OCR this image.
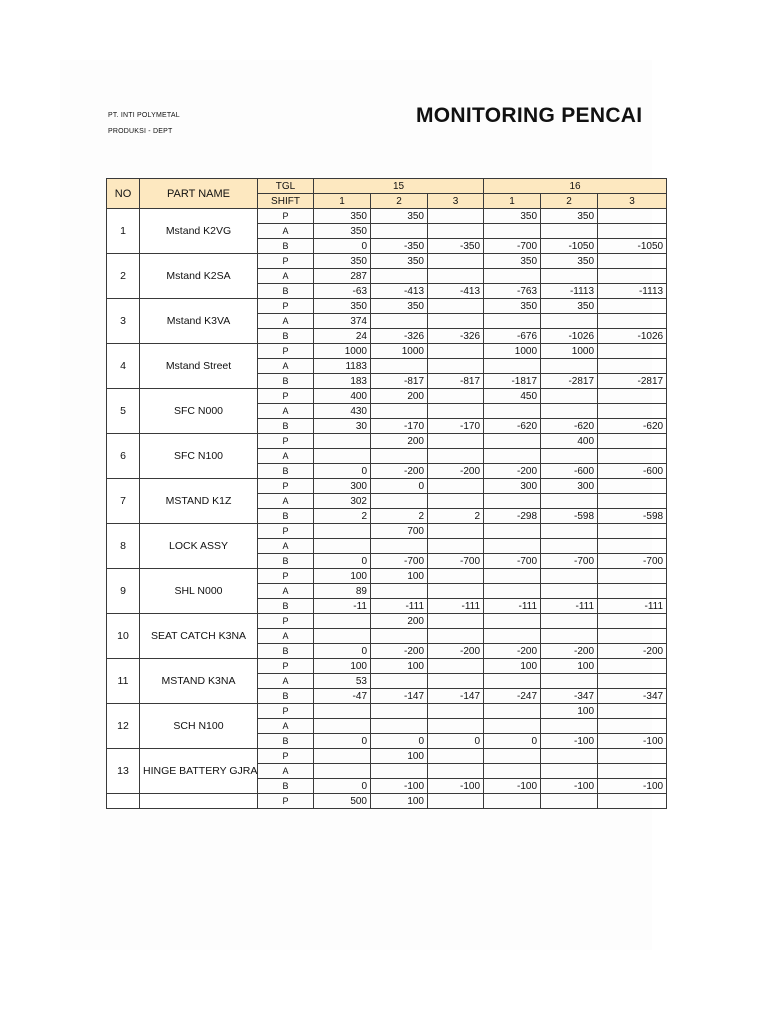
PT. INTI POLYMETAL
PRODUKSI - DEPT
MONITORING PENCAI
NO	PART NAME	TGL	15			16		
		SHIFT	1	2	3	1	2	3
1	Mstand K2VG	P	350	350		350	350	
		A	350					
		B	0	-350	-350	-700	-1050	-1050
2	Mstand K2SA	P	350	350		350	350	
		A	287					
		B	-63	-413	-413	-763	-1113	-1113
3	Mstand K3VA	P	350	350		350	350	
		A	374					
		B	24	-326	-326	-676	-1026	-1026
4	Mstand Street	P	1000	1000		1000	1000	
		A	1183					
		B	183	-817	-817	-1817	-2817	-2817
5	SFC N000	P	400	200		450		
		A	430					
		B	30	-170	-170	-620	-620	-620
6	SFC N100	P		200			400	
		A						
		B	0	-200	-200	-200	-600	-600
7	MSTAND K1Z	P	300	0		300	300	
		A	302					
		B	2	2	2	-298	-598	-598
8	LOCK ASSY	P		700				
		A						
		B	0	-700	-700	-700	-700	-700
9	SHL N000	P	100	100				
		A	89					
		B	-11	-111	-111	-111	-111	-111
10	SEAT CATCH K3NA	P		200				
		A						
		B	0	-200	-200	-200	-200	-200
11	MSTAND K3NA	P	100	100		100	100	
		A	53					
		B	-47	-147	-147	-247	-347	-347
12	SCH N100	P					100	
		A						
		B	0	0	0	0	-100	-100
13	HINGE BATTERY GJRA	P		100				
		A						
		B	0	-100	-100	-100	-100	-100
		P	500	100				
